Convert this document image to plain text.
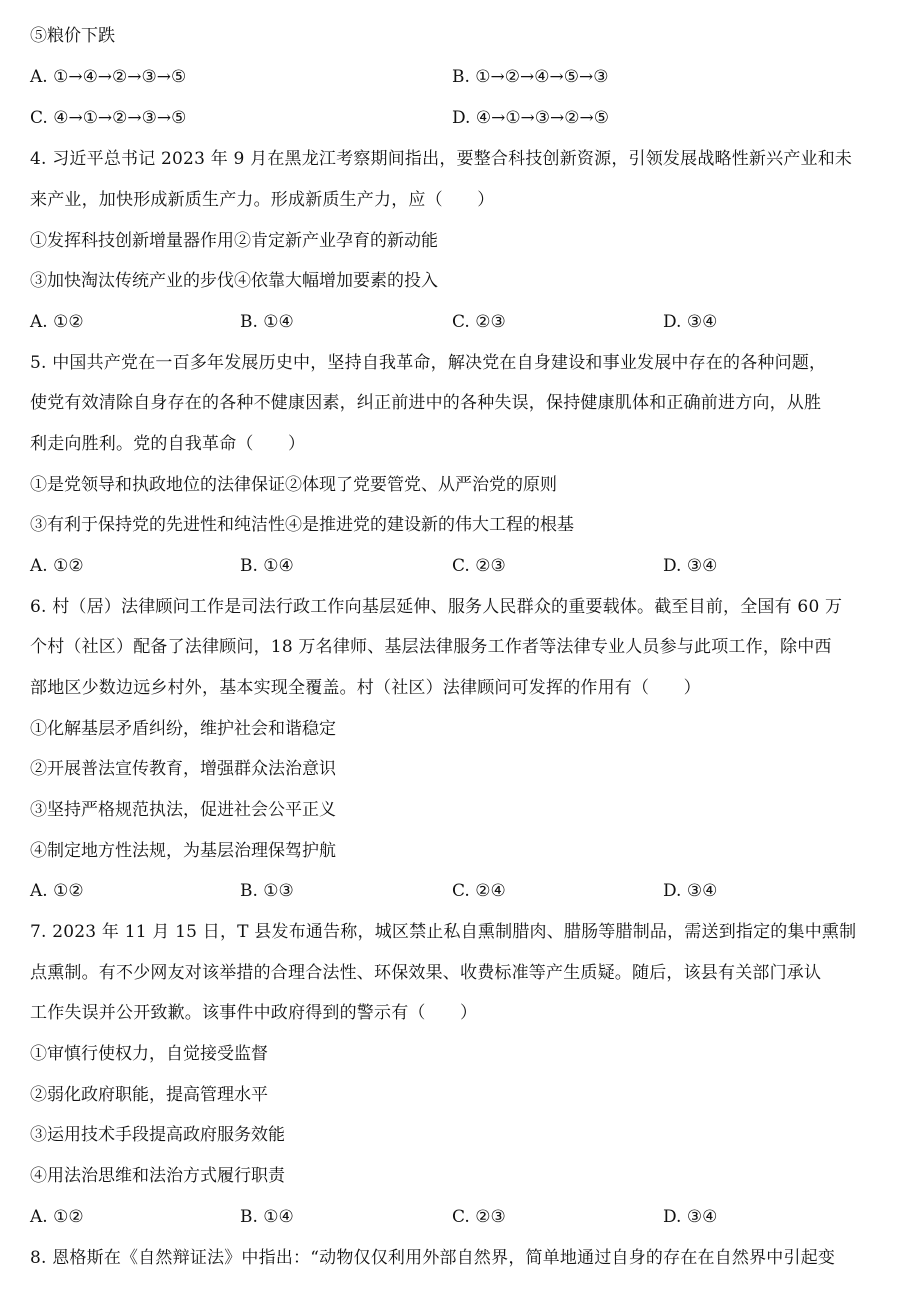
⑤粮价下跌
A. ①→④→②→③→⑤	B. ①→②→④→⑤→③
C. ④→①→②→③→⑤	D. ④→①→③→②→⑤
4. 习近平总书记 2023 年 9 月在黑龙江考察期间指出，要整合科技创新资源，引领发展战略性新兴产业和未
来产业，加快形成新质生产力。形成新质生产力，应（　　）
①发挥科技创新增量器作用②肯定新产业孕育的新动能
③加快淘汰传统产业的步伐④依靠大幅增加要素的投入
A. ①②	B. ①④	C. ②③	D. ③④
5. 中国共产党在一百多年发展历史中，坚持自我革命，解决党在自身建设和事业发展中存在的各种问题，
使党有效清除自身存在的各种不健康因素，纠正前进中的各种失误，保持健康肌体和正确前进方向，从胜
利走向胜利。党的自我革命（　　）
①是党领导和执政地位的法律保证②体现了党要管党、从严治党的原则
③有利于保持党的先进性和纯洁性④是推进党的建设新的伟大工程的根基
A. ①②	B. ①④	C. ②③	D. ③④
6. 村（居）法律顾问工作是司法行政工作向基层延伸、服务人民群众的重要载体。截至目前，全国有 60 万
个村（社区）配备了法律顾问，18 万名律师、基层法律服务工作者等法律专业人员参与此项工作，除中西
部地区少数边远乡村外，基本实现全覆盖。村（社区）法律顾问可发挥的作用有（　　）
①化解基层矛盾纠纷，维护社会和谐稳定
②开展普法宣传教育，增强群众法治意识
③坚持严格规范执法，促进社会公平正义
④制定地方性法规，为基层治理保驾护航
A. ①②	B. ①③	C. ②④	D. ③④
7. 2023 年 11 月 15 日，T 县发布通告称，城区禁止私自熏制腊肉、腊肠等腊制品，需送到指定的集中熏制
点熏制。有不少网友对该举措的合理合法性、环保效果、收费标准等产生质疑。随后，该县有关部门承认
工作失误并公开致歉。该事件中政府得到的警示有（　　）
①审慎行使权力，自觉接受监督
②弱化政府职能，提高管理水平
③运用技术手段提高政府服务效能
④用法治思维和法治方式履行职责
A. ①②	B. ①④	C. ②③	D. ③④
8. 恩格斯在《自然辩证法》中指出：“动物仅仅利用外部自然界，简单地通过自身的存在在自然界中引起变
